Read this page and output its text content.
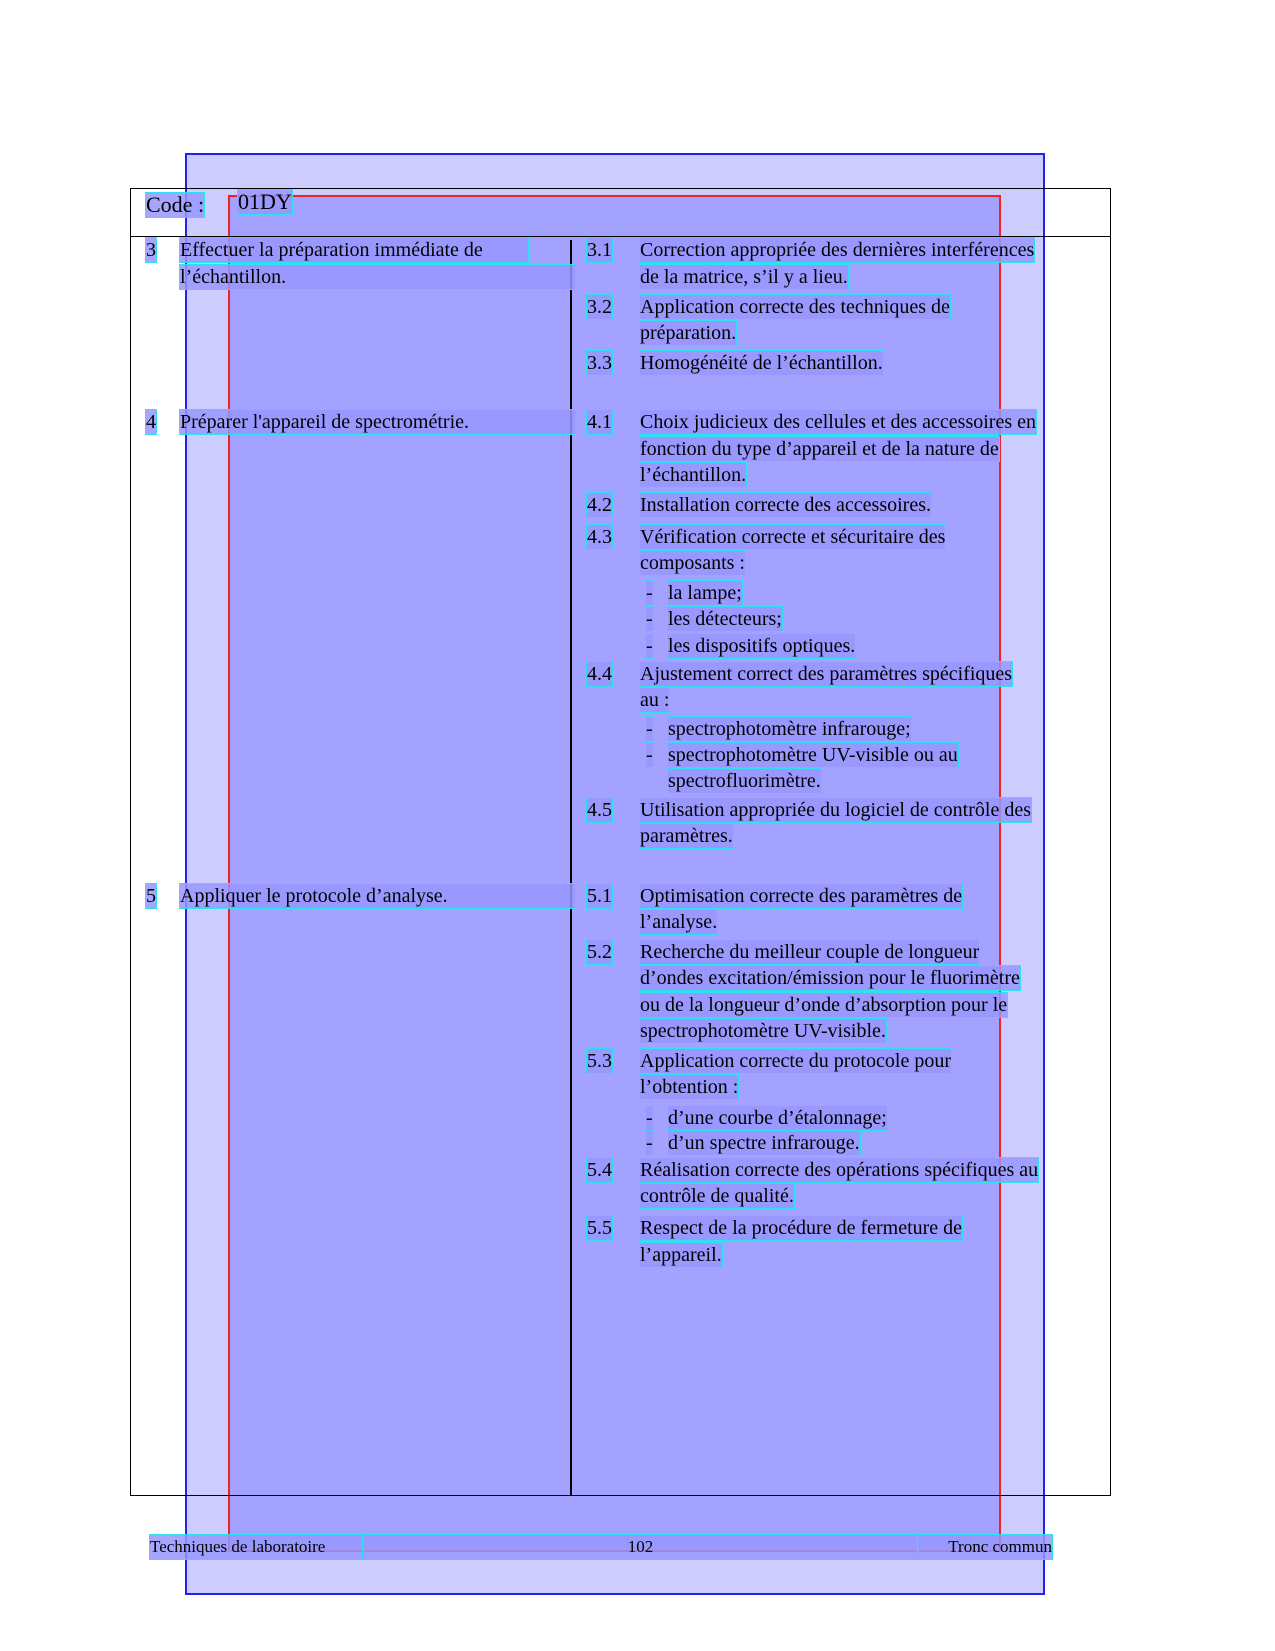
Code : 01DY
3 Effectuer la préparation immédiate de
l’échantillon.
3.1 Correction appropriée des dernières interférences
de la matrice, s’il y a lieu.
3.2 Application correcte des techniques de
préparation.
3.3 Homogénéité de l’échantillon.
4 Préparer l'appareil de spectrométrie.	4.1 Choix judicieux des cellules et des accessoires en
fonction du type d’appareil et de la nature de
l’échantillon.
4.2 Installation correcte des accessoires.
4.3 Vérification correcte et sécuritaire des
composants :
- la lampe;
- les détecteurs;
- les dispositifs optiques.
4.4 Ajustement correct des paramètres spécifiques
au :
- spectrophotomètre infrarouge;
- spectrophotomètre UV-visible ou au
spectrofluorimètre.
4.5 Utilisation appropriée du logiciel de contrôle des
paramètres.
5 Appliquer le protocole d’analyse.	5.1 Optimisation correcte des paramètres de
l’analyse.
5.2 Recherche du meilleur couple de longueur
d’ondes excitation/émission pour le fluorimètre
ou de la longueur d’onde d’absorption pour le
spectrophotomètre UV-visible.
5.3 Application correcte du protocole pour
l’obtention :
- d’une courbe d’étalonnage;
- d’un spectre infrarouge.
5.4 Réalisation correcte des opérations spécifiques au
contrôle de qualité.
5.5 Respect de la procédure de fermeture de
l’appareil.
Techniques de laboratoire	102	Tronc commun
